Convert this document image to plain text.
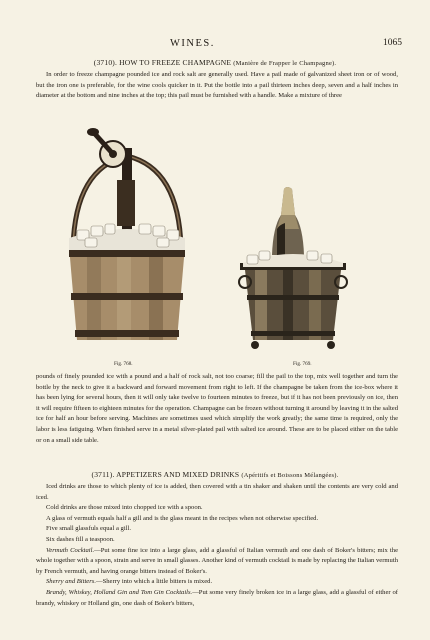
WINES.	1065
(3710). HOW TO FREEZE CHAMPAGNE (Manière de Frapper le Champagne).

In order to freeze champagne pounded ice and rock salt are generally used. Have a pail made of galvanized sheet iron or of wood, but the iron one is preferable, for the wine cools quicker in it. Put the bottle into a pail thirteen inches deep, seven and a half inches in diameter at the bottom and nine inches at the top; this pail must be furnished with a handle. Make a mixture of three

Fig. 768.	Fig. 769.

pounds of finely pounded ice with a pound and a half of rock salt, not too coarse; fill the pail to the top, mix well together and turn the bottle by the neck to give it a backward and forward movement from right to left. If the champagne be taken from the ice-box where it has been lying for several hours, then it will only take twelve to fourteen minutes to freeze, but if it has not been previously on ice, then it will require fifteen to eighteen minutes for the operation. Champagne can be frozen without turning it around by leaving it in the salted ice for half an hour before serving. Machines are sometimes used which simplify the work greatly; the same time is required, only the labor is less fatiguing. When finished serve in a metal silver-plated pail with salted ice around. These are to be placed either on the table or on a small side table.

(3711). APPETIZERS AND MIXED DRINKS (Apéritifs et Boissons Mélangées).

Iced drinks are those to which plenty of ice is added, then covered with a tin shaker and shaken until the contents are very cold and iced.

Cold drinks are those mixed into chopped ice with a spoon.

A glass of vermuth equals half a gill and is the glass meant in the recipes when not otherwise specified.

Five small glassfuls equal a gill.

Six dashes fill a teaspoon.

Vermuth Cocktail.—Put some fine ice into a large glass, add a glassful of Italian vermuth and one dash of Boker's bitters; mix the whole together with a spoon, strain and serve in small glasses. Another kind of vermuth cocktail is made by replacing the Italian vermuth by French vermuth, and having orange bitters instead of Boker's.

Sherry and Bitters.—Sherry into which a little bitters is mixed.

Brandy, Whiskey, Holland Gin and Tom Gin Cocktails.—Put some very finely broken ice in a large glass, add a glassful of either of brandy, whiskey or Holland gin, one dash of Boker's bitters,
